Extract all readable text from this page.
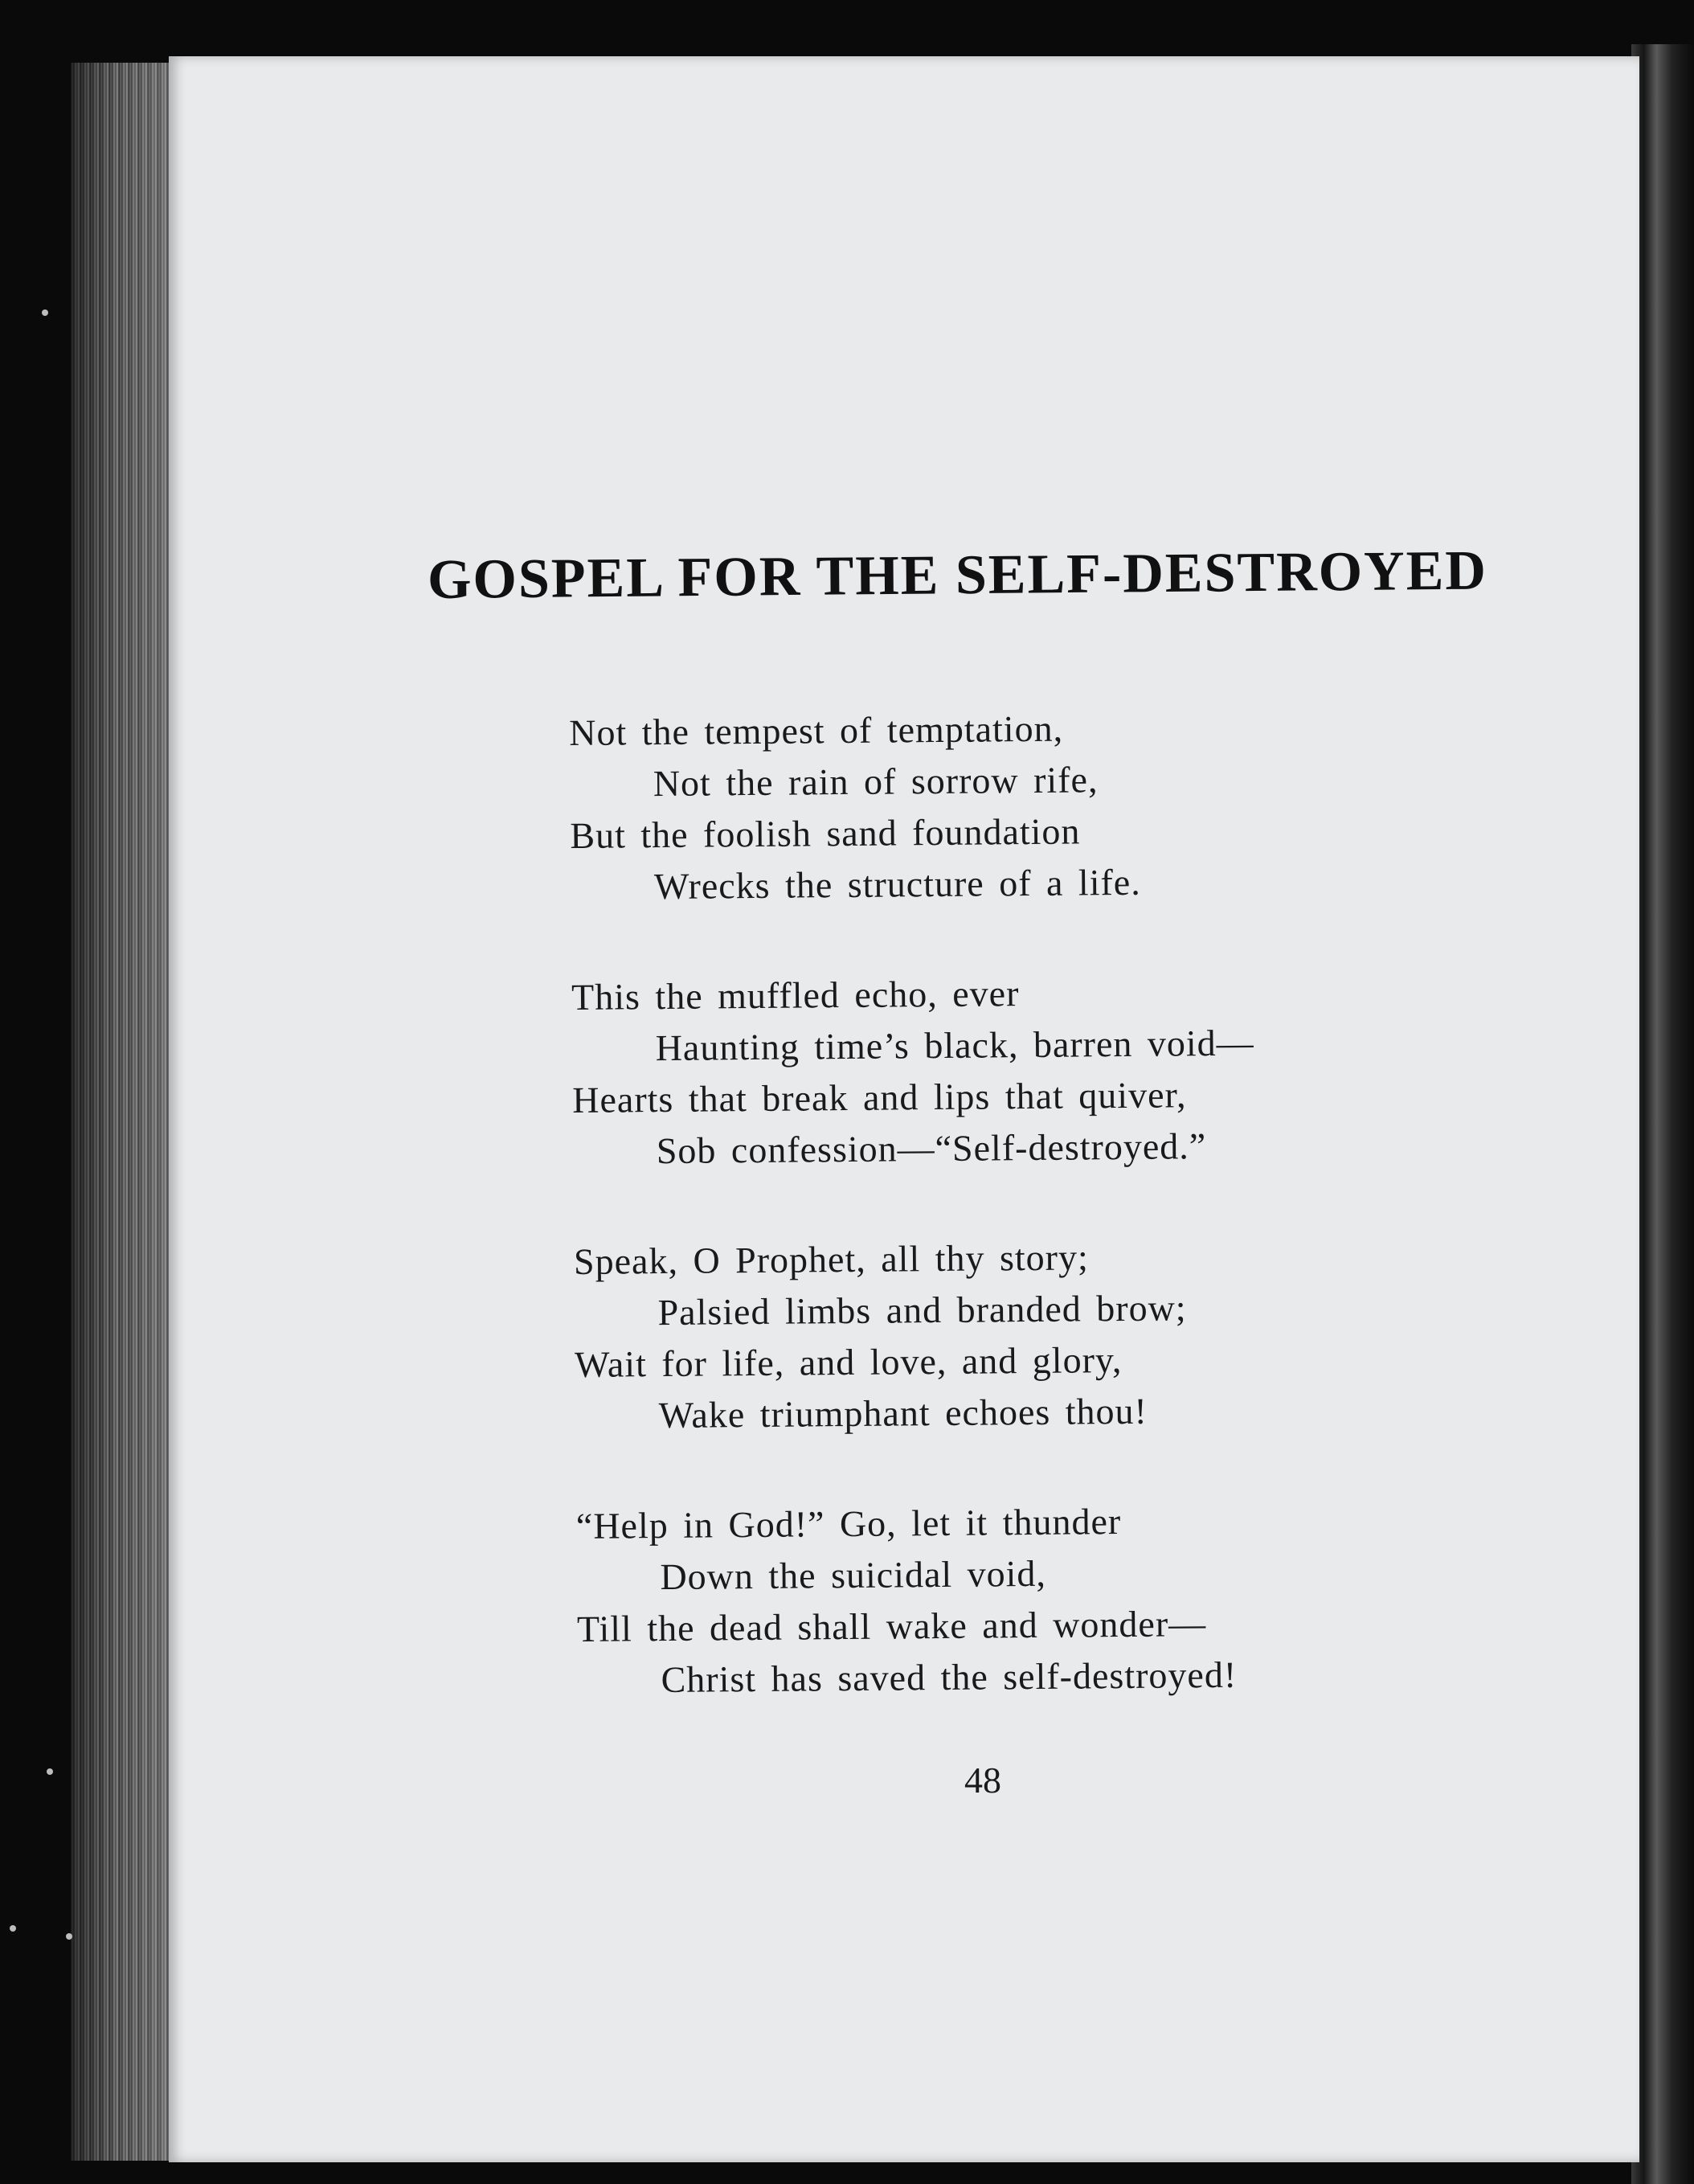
GOSPEL FOR THE SELF-DESTROYED
Not the tempest of temptation,
Not the rain of sorrow rife,
But the foolish sand foundation
Wrecks the structure of a life.
This the muffled echo, ever
Haunting time’s black, barren void—
Hearts that break and lips that quiver,
Sob confession—“Self-destroyed.”
Speak, O Prophet, all thy story;
Palsied limbs and branded brow;
Wait for life, and love, and glory,
Wake triumphant echoes thou!
“Help in God!” Go, let it thunder
Down the suicidal void,
Till the dead shall wake and wonder—
Christ has saved the self-destroyed!
48
